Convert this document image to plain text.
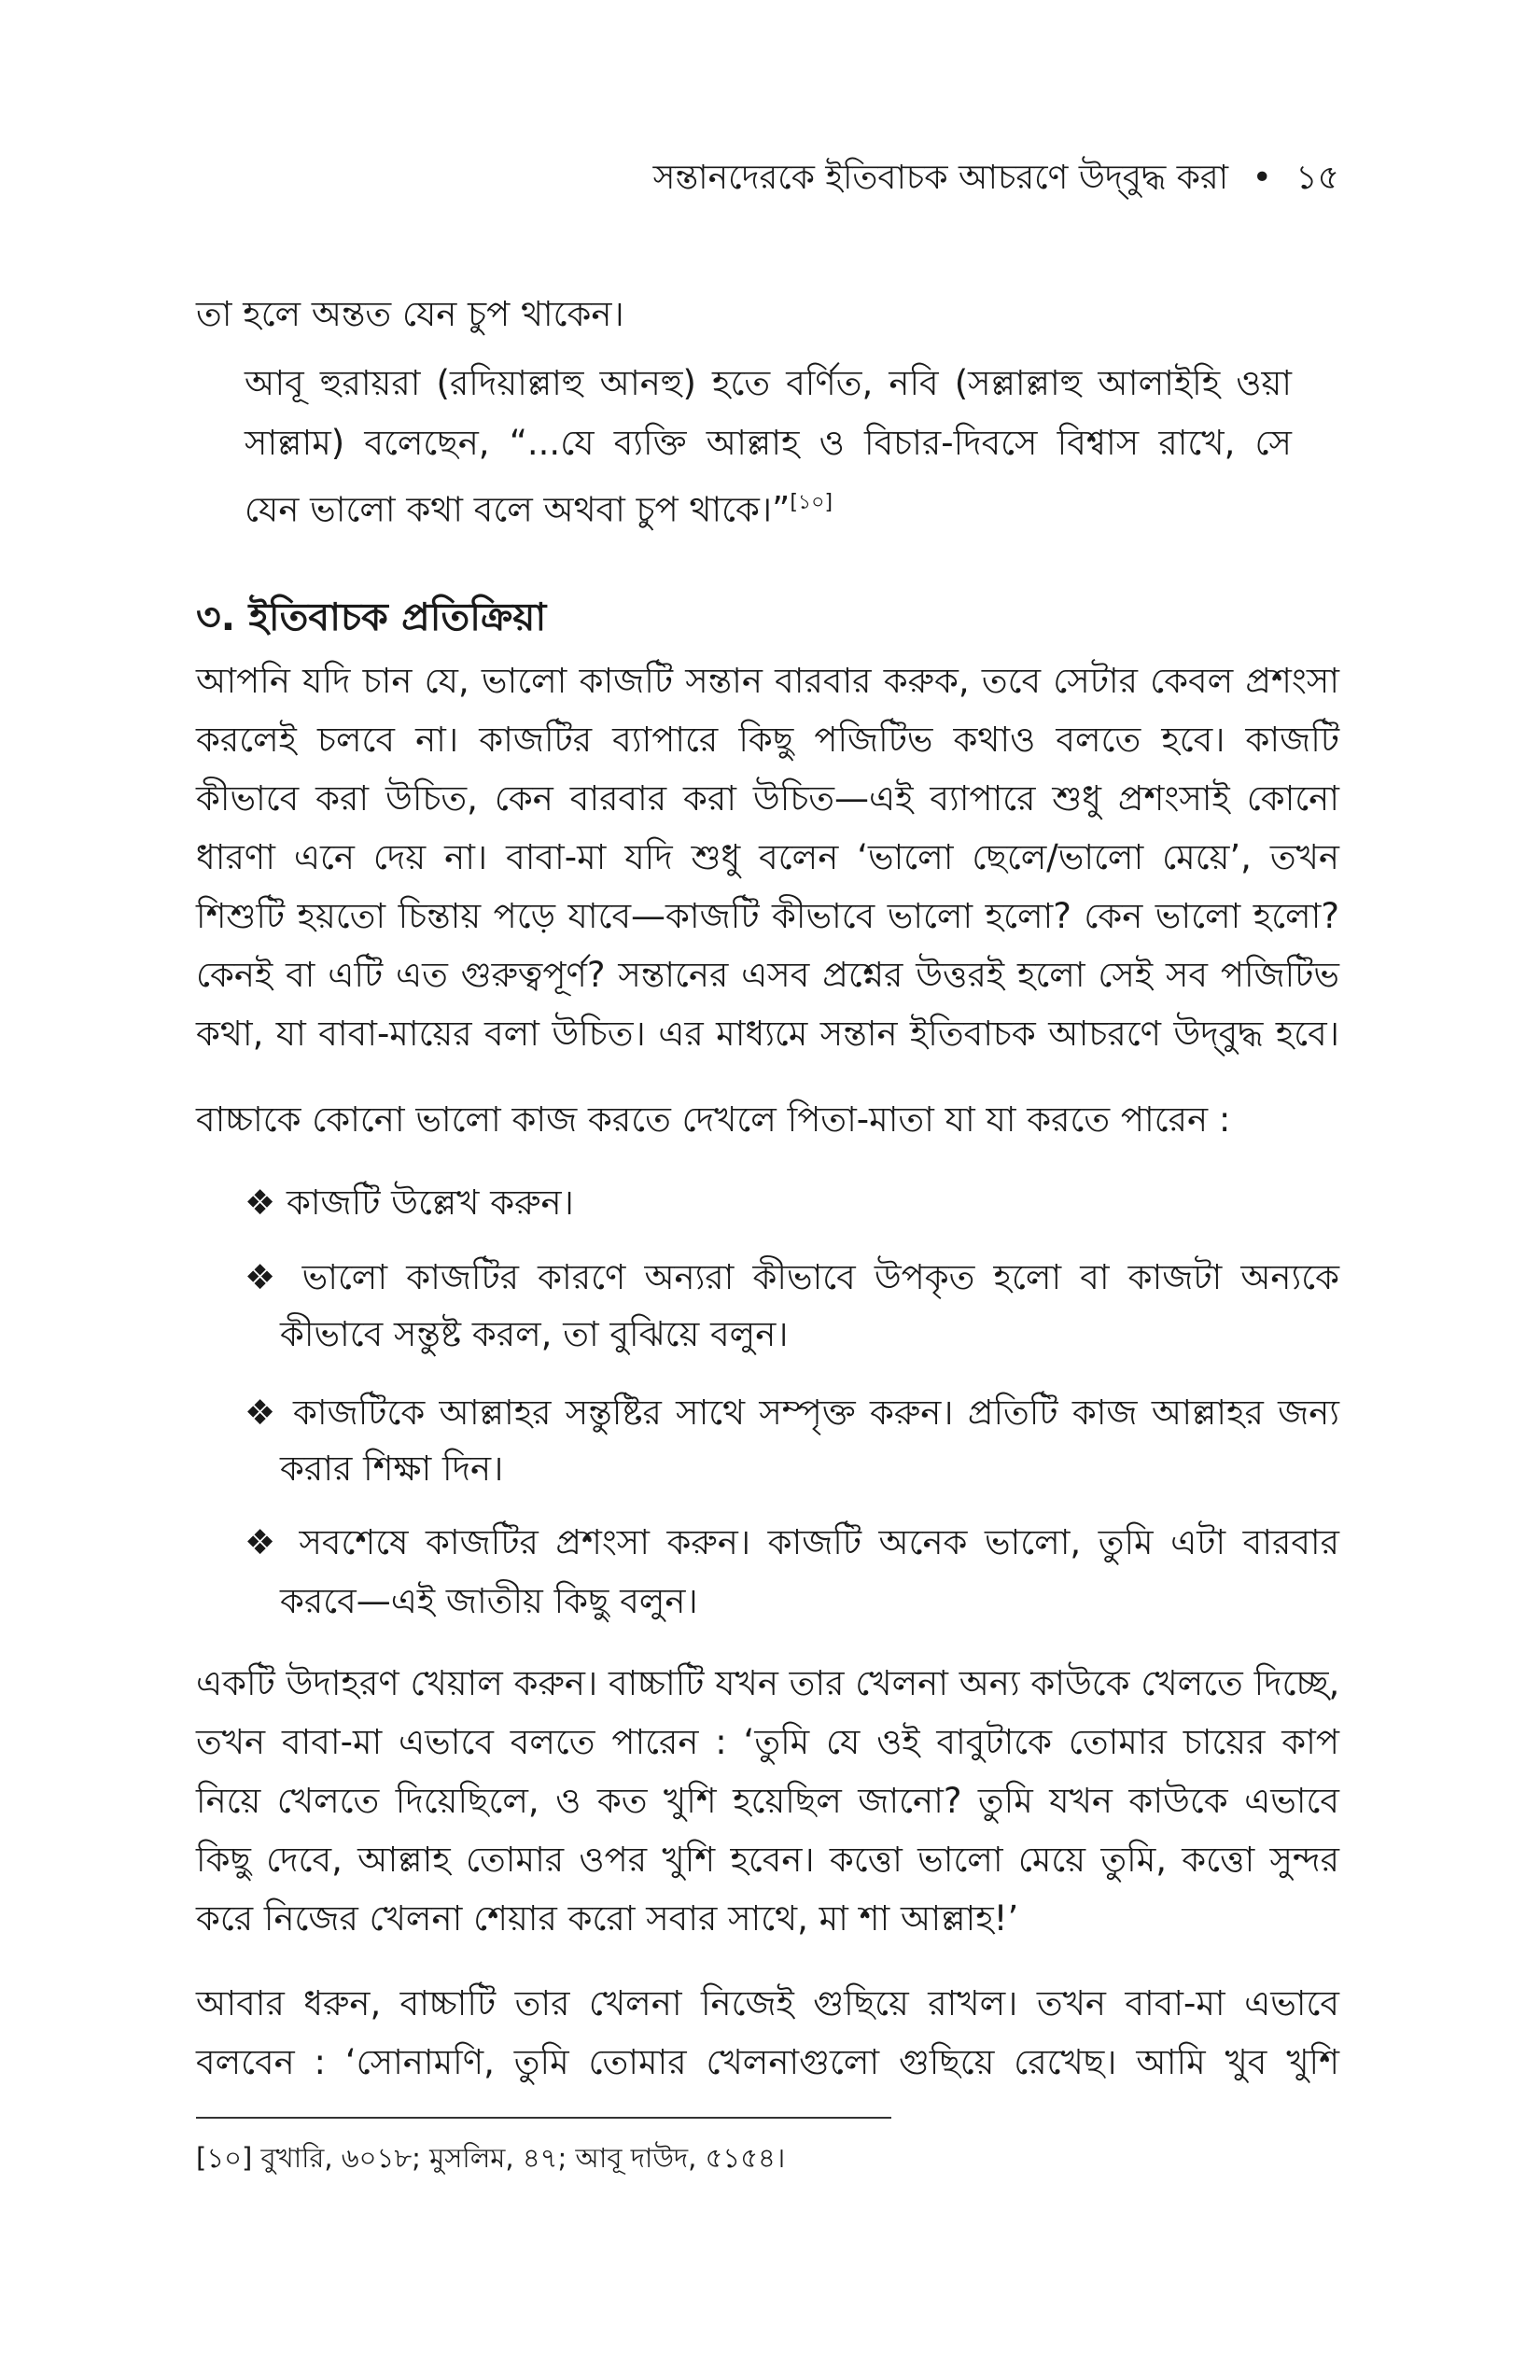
সন্তানদেরকে ইতিবাচক আচরণে উদ্‌বুদ্ধ করা • ১৫
তা হলে অন্তত যেন চুপ থাকেন।
আবূ হুরায়রা (রদিয়াল্লাহু আনহু) হতে বর্ণিত, নবি (সল্লাল্লাহু আলাইহি ওয়া
সাল্লাম) বলেছেন, “...যে ব্যক্তি আল্লাহ ও বিচার-দিবসে বিশ্বাস রাখে, সে
যেন ভালো কথা বলে অথবা চুপ থাকে।”[১০]
৩. ইতিবাচক প্রতিক্রিয়া
আপনি যদি চান যে, ভালো কাজটি সন্তান বারবার করুক, তবে সেটার কেবল প্রশংসা
করলেই চলবে না। কাজটির ব্যাপারে কিছু পজিটিভ কথাও বলতে হবে। কাজটি
কীভাবে করা উচিত, কেন বারবার করা উচিত—এই ব্যাপারে শুধু প্রশংসাই কোনো
ধারণা এনে দেয় না। বাবা-মা যদি শুধু বলেন ‘ভালো ছেলে/ভালো মেয়ে’, তখন
শিশুটি হয়তো চিন্তায় পড়ে যাবে—কাজটি কীভাবে ভালো হলো? কেন ভালো হলো?
কেনই বা এটি এত গুরুত্বপূর্ণ? সন্তানের এসব প্রশ্নের উত্তরই হলো সেই সব পজিটিভ
কথা, যা বাবা-মায়ের বলা উচিত। এর মাধ্যমে সন্তান ইতিবাচক আচরণে উদ্‌বুদ্ধ হবে।
বাচ্চাকে কোনো ভালো কাজ করতে দেখলে পিতা-মাতা যা যা করতে পারেন :
❖ কাজটি উল্লেখ করুন।
❖ ভালো কাজটির কারণে অন্যরা কীভাবে উপকৃত হলো বা কাজটা অন্যকে
কীভাবে সন্তুষ্ট করল, তা বুঝিয়ে বলুন।
❖ কাজটিকে আল্লাহর সন্তুষ্টির সাথে সম্পৃক্ত করুন। প্রতিটি কাজ আল্লাহর জন্য
করার শিক্ষা দিন।
❖ সবশেষে কাজটির প্রশংসা করুন। কাজটি অনেক ভালো, তুমি এটা বারবার
করবে—এই জাতীয় কিছু বলুন।
একটি উদাহরণ খেয়াল করুন। বাচ্চাটি যখন তার খেলনা অন্য কাউকে খেলতে দিচ্ছে,
তখন বাবা-মা এভাবে বলতে পারেন : ‘তুমি যে ওই বাবুটাকে তোমার চায়ের কাপ
নিয়ে খেলতে দিয়েছিলে, ও কত খুশি হয়েছিল জানো? তুমি যখন কাউকে এভাবে
কিছু দেবে, আল্লাহ তোমার ওপর খুশি হবেন। কত্তো ভালো মেয়ে তুমি, কত্তো সুন্দর
করে নিজের খেলনা শেয়ার করো সবার সাথে, মা শা আল্লাহ!’
আবার ধরুন, বাচ্চাটি তার খেলনা নিজেই গুছিয়ে রাখল। তখন বাবা-মা এভাবে
বলবেন : ‘সোনামণি, তুমি তোমার খেলনাগুলো গুছিয়ে রেখেছ। আমি খুব খুশি
[১০] বুখারি, ৬০১৮; মুসলিম, ৪৭; আবূ দাউদ, ৫১৫৪।
